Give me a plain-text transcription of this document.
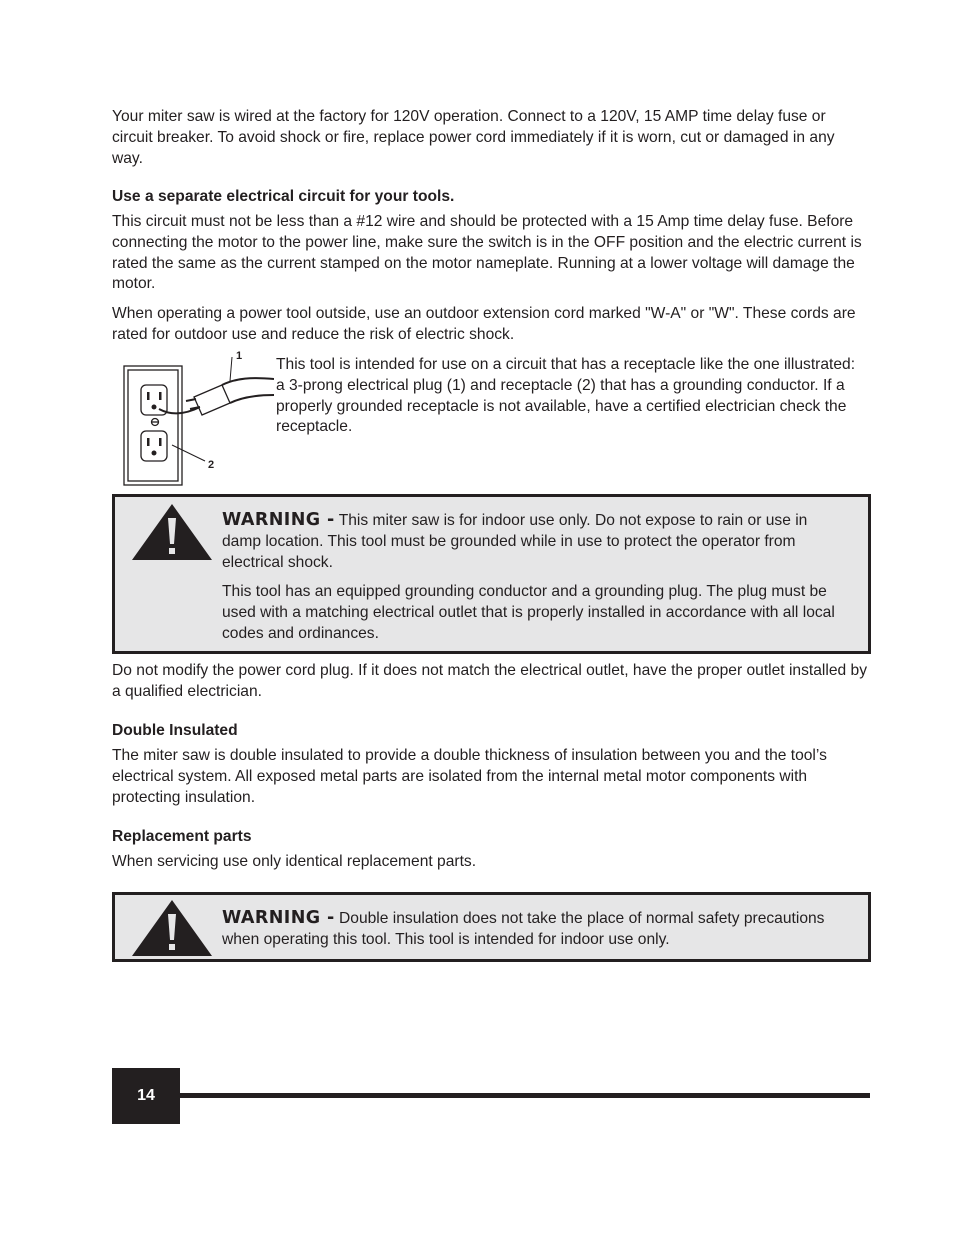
Your miter saw is wired at the factory for 120V operation. Connect to a 120V, 15 AMP time delay fuse or circuit breaker. To avoid shock or fire, replace power cord immediately if it is worn, cut or damaged in any way.

Use a separate electrical circuit for your tools.

This circuit must not be less than a #12 wire and should be protected with a 15 Amp time delay fuse. Before connecting the motor to the power line, make sure the switch is in the OFF position and the electric current is rated the same as the current stamped on the motor nameplate. Running at a lower voltage will damage the motor.

When operating a power tool outside, use an outdoor extension cord marked "W-A" or "W". These cords are rated for outdoor use and reduce the risk of electric shock.

1
2

This tool is intended for use on a circuit that has a receptacle like the one illustrated: a 3-prong electrical plug (1) and receptacle (2) that has a grounding conductor. If a properly grounded receptacle is not available, have a certified electrician check the receptacle.

WARNING - This miter saw is for indoor use only. Do not expose to rain or use in damp location. This tool must be grounded while in use to protect the operator from electrical shock.

This tool has an equipped grounding conductor and a grounding plug. The plug must be used with a matching electrical outlet that is properly installed in accordance with all local codes and ordinances.

Do not modify the power cord plug. If it does not match the electrical outlet, have the proper outlet installed by a qualified electrician.

Double Insulated

The miter saw is double insulated to provide a double thickness of insulation between you and the tool’s electrical system. All exposed metal parts are isolated from the internal metal motor components with protecting insulation.

Replacement parts

When servicing use only identical replacement parts.

WARNING - Double insulation does not take the place of normal safety precautions when operating this tool. This tool is intended for indoor use only.

14
